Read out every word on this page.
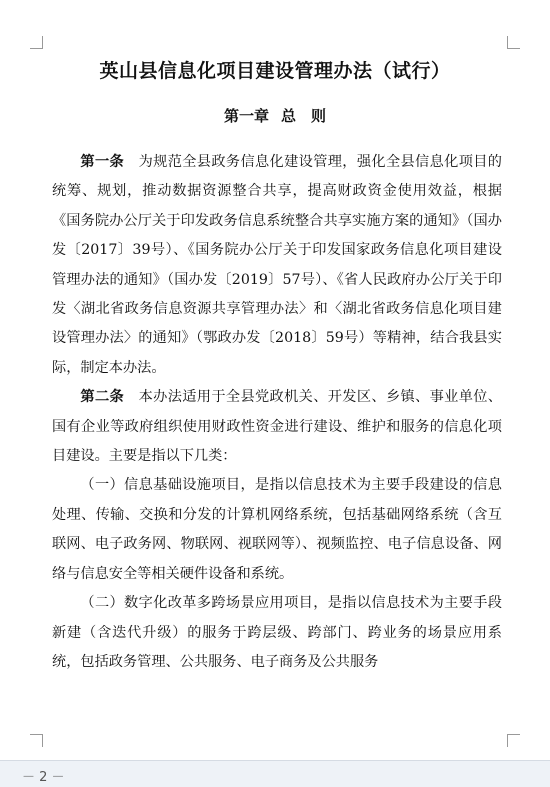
英山县信息化项目建设管理办法（试行）
第一章 总　则

第一条　 为规范全县政务信息化建设管理，强化全县信息化项目的统筹、规划，推动数据资源整合共享，提高财政资金使用效益，根据《国务院办公厅关于印发政务信息系统整合共享实施方案的通知》（国办发〔2017〕39号）、《国务院办公厅关于印发国家政务信息化项目建设管理办法的通知》（国办发〔2019〕57号）、《省人民政府办公厅关于印发〈湖北省政务信息资源共享管理办法〉和〈湖北省政务信息化项目建设管理办法〉的通知》（鄂政办发〔2018〕59号）等精神，结合我县实际，制定本办法。

第二条　 本办法适用于全县党政机关、开发区、乡镇、事业单位、国有企业等政府组织使用财政性资金进行建设、维护和服务的信息化项目建设。主要是指以下几类：

（一）信息基础设施项目，是指以信息技术为主要手段建设的信息处理、传输、交换和分发的计算机网络系统，包括基础网络系统（含互联网、电子政务网、物联网、视联网等）、视频监控、电子信息设备、网络与信息安全等相关硬件设备和系统。

（二）数字化改革多跨场景应用项目，是指以信息技术为主要手段新建（含迭代升级）的服务于跨层级、跨部门、跨业务的场景应用系统，包括政务管理、公共服务、电子商务及公共服务

－ 2 －
